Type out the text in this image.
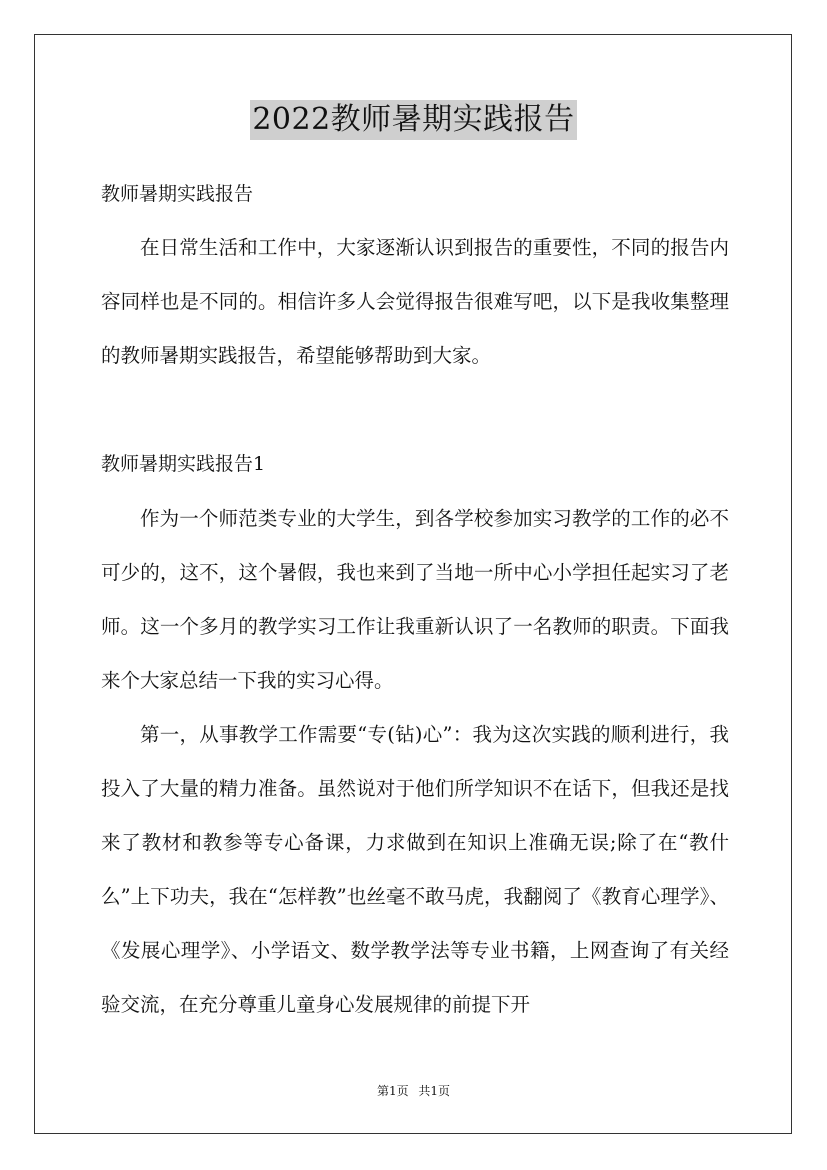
2022教师暑期实践报告
教师暑期实践报告

在日常生活和工作中，大家逐渐认识到报告的重要性，不同的报告内容同样也是不同的。相信许多人会觉得报告很难写吧，以下是我收集整理的教师暑期实践报告，希望能够帮助到大家。

教师暑期实践报告1

作为一个师范类专业的大学生，到各学校参加实习教学的工作的必不可少的，这不，这个暑假，我也来到了当地一所中心小学担任起实习了老师。这一个多月的教学实习工作让我重新认识了一名教师的职责。下面我来个大家总结一下我的实习心得。

第一，从事教学工作需要“专(钻)心”：我为这次实践的顺利进行，我投入了大量的精力准备。虽然说对于他们所学知识不在话下，但我还是找来了教材和教参等专心备课，力求做到在知识上准确无误;除了在“教什么”上下功夫，我在“怎样教”也丝毫不敢马虎，我翻阅了《教育心理学》、《发展心理学》、小学语文、数学教学法等专业书籍，上网查询了有关经验交流，在充分尊重儿童身心发展规律的前提下开

第1页 共1页
